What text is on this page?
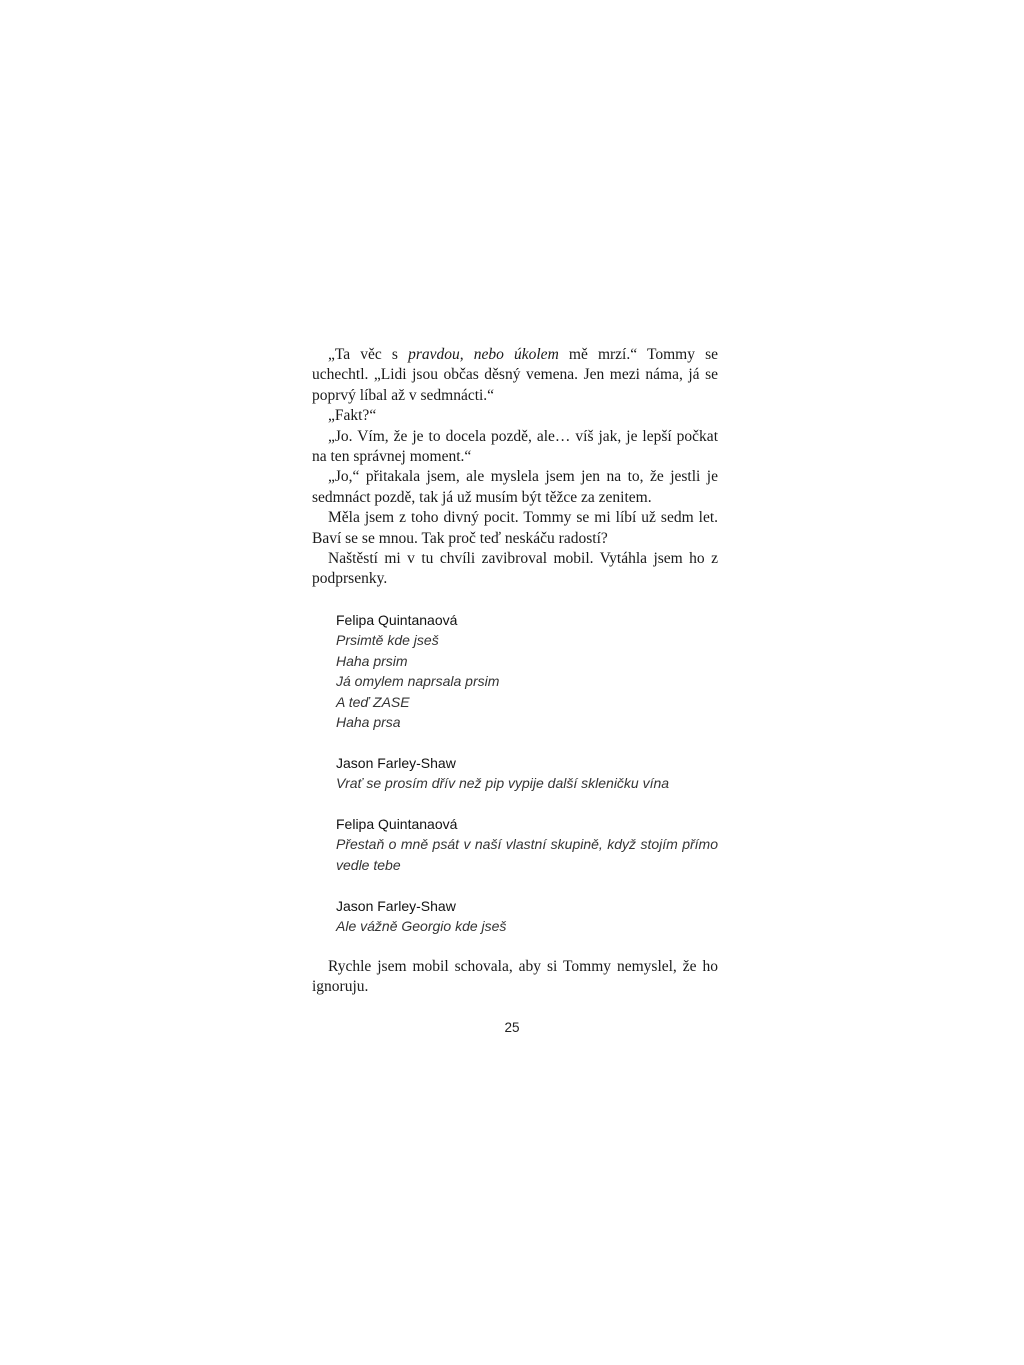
„Ta věc s pravdou, nebo úkolem mě mrzí.“ Tommy se uchechtl. „Lidi jsou občas děsný vemena. Jen mezi náma, já se poprvý líbal až v sedmnácti.“

„Fakt?“

„Jo. Vím, že je to docela pozdě, ale… víš jak, je lepší počkat na ten správnej moment.“

„Jo,“ přitakala jsem, ale myslela jsem jen na to, že jestli je sedmnáct pozdě, tak já už musím být těžce za zenitem.

Měla jsem z toho divný pocit. Tommy se mi líbí už sedm let. Baví se se mnou. Tak proč teď neskáču radostí?

Naštěstí mi v tu chvíli zavibroval mobil. Vytáhla jsem ho z podprsenky.

Felipa Quintanaová
Prsimtě kde jseš
Haha prsim
Já omylem naprsala prsim
A teď ZASE
Haha prsa
Jason Farley-Shaw
Vrať se prosím dřív než pip vypije další skleničku vína
Felipa Quintanaová
Přestaň o mně psát v naší vlastní skupině, když stojím přímo vedle tebe
Jason Farley-Shaw
Ale vážně Georgio kde jseš

Rychle jsem mobil schovala, aby si Tommy nemyslel, že ho ignoruju.

25
